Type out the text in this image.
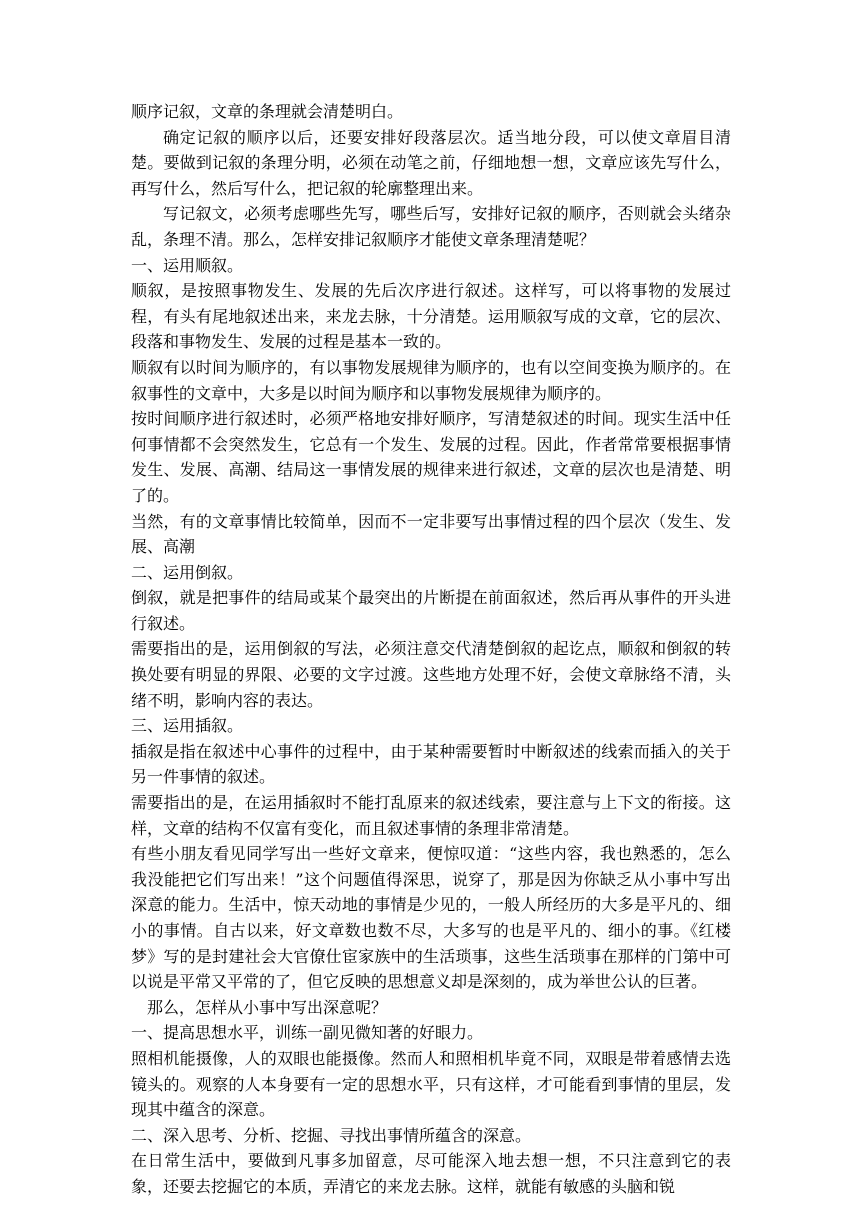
顺序记叙，文章的条理就会清楚明白。

确定记叙的顺序以后，还要安排好段落层次。适当地分段，可以使文章眉目清楚。要做到记叙的条理分明，必须在动笔之前，仔细地想一想，文章应该先写什么，再写什么，然后写什么，把记叙的轮廓整理出来。

写记叙文，必须考虑哪些先写，哪些后写，安排好记叙的顺序，否则就会头绪杂乱，条理不清。那么，怎样安排记叙顺序才能使文章条理清楚呢？

一、运用顺叙。

顺叙，是按照事物发生、发展的先后次序进行叙述。这样写，可以将事物的发展过程，有头有尾地叙述出来，来龙去脉，十分清楚。运用顺叙写成的文章，它的层次、段落和事物发生、发展的过程是基本一致的。

顺叙有以时间为顺序的，有以事物发展规律为顺序的，也有以空间变换为顺序的。在叙事性的文章中，大多是以时间为顺序和以事物发展规律为顺序的。

按时间顺序进行叙述时，必须严格地安排好顺序，写清楚叙述的时间。现实生活中任何事情都不会突然发生，它总有一个发生、发展的过程。因此，作者常常要根据事情发生、发展、高潮、结局这一事情发展的规律来进行叙述，文章的层次也是清楚、明了的。

当然，有的文章事情比较简单，因而不一定非要写出事情过程的四个层次（发生、发展、高潮

二、运用倒叙。

倒叙，就是把事件的结局或某个最突出的片断提在前面叙述，然后再从事件的开头进行叙述。

需要指出的是，运用倒叙的写法，必须注意交代清楚倒叙的起讫点，顺叙和倒叙的转换处要有明显的界限、必要的文字过渡。这些地方处理不好，会使文章脉络不清，头绪不明，影响内容的表达。

三、运用插叙。

插叙是指在叙述中心事件的过程中，由于某种需要暂时中断叙述的线索而插入的关于另一件事情的叙述。

需要指出的是，在运用插叙时不能打乱原来的叙述线索，要注意与上下文的衔接。这样，文章的结构不仅富有变化，而且叙述事情的条理非常清楚。

有些小朋友看见同学写出一些好文章来，便惊叹道：“这些内容，我也熟悉的，怎么我没能把它们写出来！”这个问题值得深思，说穿了，那是因为你缺乏从小事中写出深意的能力。生活中，惊天动地的事情是少见的，一般人所经历的大多是平凡的、细小的事情。自古以来，好文章数也数不尽，大多写的也是平凡的、细小的事。《红楼梦》写的是封建社会大官僚仕宦家族中的生活琐事，这些生活琐事在那样的门第中可以说是平常又平常的了，但它反映的思想意义却是深刻的，成为举世公认的巨著。

那么，怎样从小事中写出深意呢？

一、提高思想水平，训练一副见微知著的好眼力。

照相机能摄像，人的双眼也能摄像。然而人和照相机毕竟不同，双眼是带着感情去选镜头的。观察的人本身要有一定的思想水平，只有这样，才可能看到事情的里层，发现其中蕴含的深意。

二、深入思考、分析、挖掘、寻找出事情所蕴含的深意。

在日常生活中，要做到凡事多加留意，尽可能深入地去想一想，不只注意到它的表象，还要去挖掘它的本质，弄清它的来龙去脉。这样，就能有敏感的头脑和锐
